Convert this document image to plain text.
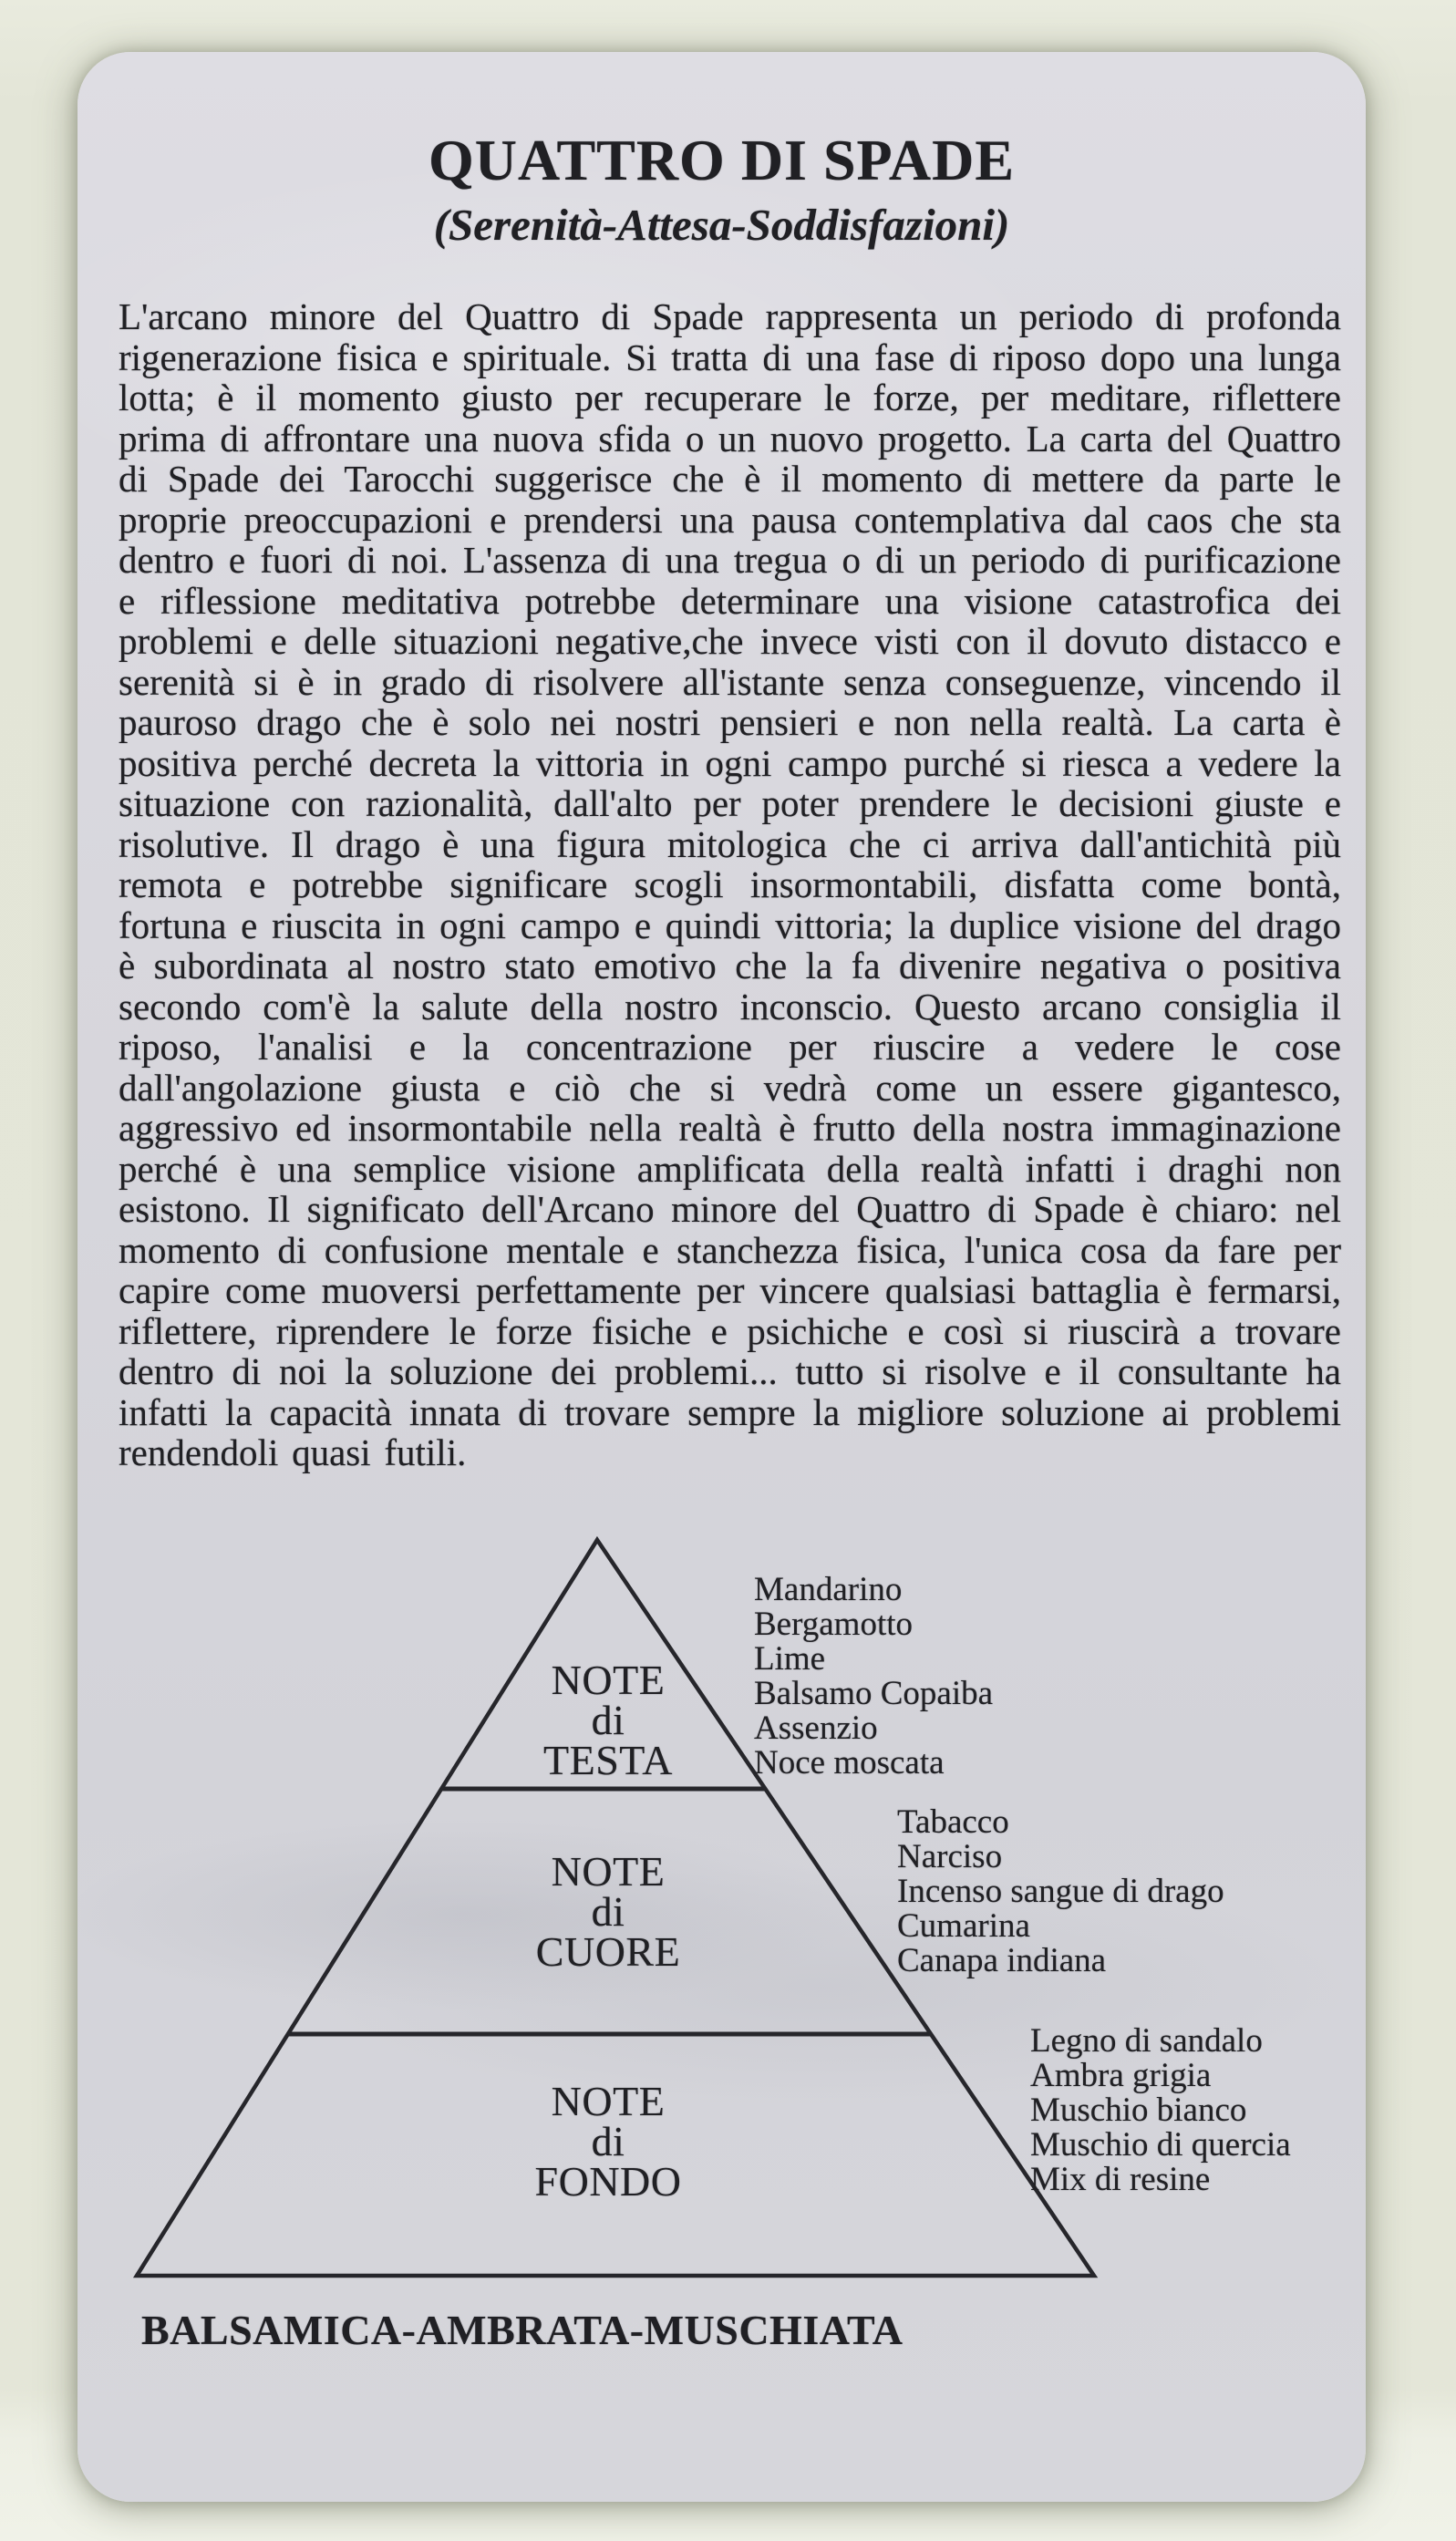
QUATTRO DI SPADE
(Serenità-Attesa-Soddisfazioni)

L'arcano minore del Quattro di Spade rappresenta un periodo di profonda rigenerazione fisica e spirituale. Si tratta di una fase di riposo dopo una lunga lotta; è il momento giusto per recuperare le forze, per meditare, riflettere prima di affrontare una nuova sfida o un nuovo progetto. La carta del Quattro di Spade dei Tarocchi suggerisce che è il momento di mettere da parte le proprie preoccupazioni e prendersi una pausa contemplativa dal caos che sta dentro e fuori di noi. L'assenza di una tregua o di un periodo di purificazione e riflessione meditativa potrebbe determinare una visione catastrofica dei problemi e delle situazioni negative,che invece visti con il dovuto distacco e serenità si è in grado di risolvere all'istante senza conseguenze, vincendo il pauroso drago che è solo nei nostri pensieri e non nella realtà. La carta è positiva perché decreta la vittoria in ogni campo purché si riesca a vedere la situazione con razionalità, dall'alto per poter prendere le decisioni giuste e risolutive. Il drago è una figura mitologica che ci arriva dall'antichità più remota e potrebbe significare scogli insormontabili, disfatta come bontà, fortuna e riuscita in ogni campo e quindi vittoria; la duplice visione del drago è subordinata al nostro stato emotivo che la fa divenire negativa o positiva secondo com'è la salute della nostro inconscio. Questo arcano consiglia il riposo, l'analisi e la concentrazione per riuscire a vedere le cose dall'angolazione giusta e ciò che si vedrà come un essere gigantesco, aggressivo ed insormontabile nella realtà è frutto della nostra immaginazione perché è una semplice visione amplificata della realtà infatti i draghi non esistono. Il significato dell'Arcano minore del Quattro di Spade è chiaro: nel momento di confusione mentale e stanchezza fisica, l'unica cosa da fare per capire come muoversi perfettamente per vincere qualsiasi battaglia è fermarsi, riflettere, riprendere le forze fisiche e psichiche e così si riuscirà a trovare dentro di noi la soluzione dei problemi... tutto si risolve e il consultante ha infatti la capacità innata di trovare sempre la migliore soluzione ai problemi rendendoli quasi futili.

NOTE
di
TESTA
NOTE
di
CUORE
NOTE
di
FONDO
Mandarino
Bergamotto
Lime
Balsamo Copaiba
Assenzio
Noce moscata
Tabacco
Narciso
Incenso sangue di drago
Cumarina
Canapa indiana
Legno di sandalo
Ambra grigia
Muschio bianco
Muschio di quercia
Mix di resine
BALSAMICA-AMBRATA-MUSCHIATA
